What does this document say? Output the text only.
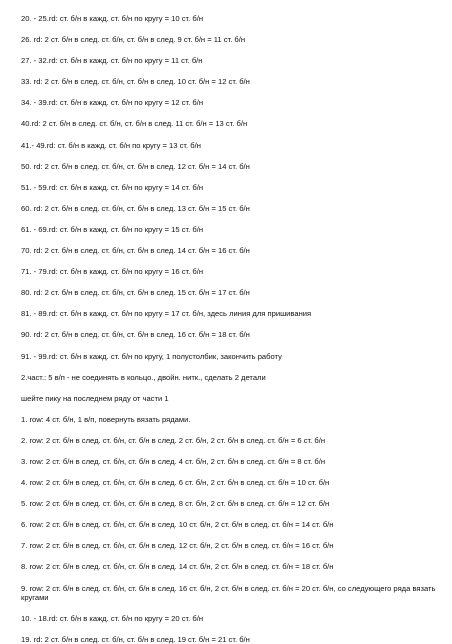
20. - 25.rd: ст. б/н в кажд. ст. б/н по кругу = 10 ст. б/н
26. rd: 2 ст. б/н в след. ст. б/н, ст. б/н в след. 9 ст. б/н = 11 ст. б/н
27. - 32.rd: ст. б/н в кажд. ст. б/н по кругу = 11 ст. б/н
33. rd: 2 ст. б/н в след. ст. б/н, ст. б/н в след. 10 ст. б/н = 12 ст. б/н
34. - 39.rd: ст. б/н в кажд. ст. б/н по кругу = 12 ст. б/н
40.rd: 2 ст. б/н в след. ст. б/н, ст. б/н в след. 11 ст. б/н = 13 ст. б/н
41.- 49.rd: ст. б/н в кажд. ст. б/н по кругу = 13 ст. б/н
50. rd: 2 ст. б/н в след. ст. б/н, ст. б/н в след. 12 ст. б/н = 14 ст. б/н
51. - 59.rd: ст. б/н в кажд. ст. б/н по кругу = 14 ст. б/н
60. rd: 2 ст. б/н в след. ст. б/н, ст. б/н в след. 13 ст. б/н = 15 ст. б/н
61. - 69.rd: ст. б/н в кажд. ст. б/н по кругу = 15 ст. б/н
70. rd: 2 ст. б/н в след. ст. б/н, ст. б/н в след. 14 ст. б/н = 16 ст. б/н
71. - 79.rd: ст. б/н в кажд. ст. б/н по кругу = 16 ст. б/н
80. rd: 2 ст. б/н в след. ст. б/н, ст. б/н в след. 15 ст. б/н = 17 ст. б/н
81. - 89.rd: ст. б/н в кажд. ст. б/н по кругу = 17 ст. б/н, здесь линия для пришивания
90. rd: 2 ст. б/н в след. ст. б/н, ст. б/н в след. 16 ст. б/н = 18 ст. б/н
91. - 99.rd: ст. б/н в кажд. ст. б/н по кругу, 1 полустолбик, закончить работу
2.част.: 5 в/п - не соединять в кольцо., двойн. нитк., сделать 2 детали
шейте пику на последнем ряду от части 1
1. row: 4 ст. б/н, 1 в/п, повернуть вязать рядами.
2. row: 2 ст. б/н в след. ст. б/н, ст. б/н в след. 2 ст. б/н, 2 ст. б/н в след. ст. б/н = 6 ст. б/н
3. row: 2 ст. б/н в след. ст. б/н, ст. б/н в след. 4 ст. б/н, 2 ст. б/н в след. ст. б/н = 8 ст. б/н
4. row: 2 ст. б/н в след. ст. б/н, ст. б/н в след. 6 ст. б/н, 2 ст. б/н в след. ст. б/н = 10 ст. б/н
5. row: 2 ст. б/н в след. ст. б/н, ст. б/н в след. 8 ст. б/н, 2 ст. б/н в след. ст. б/н = 12 ст. б/н
6. row: 2 ст. б/н в след. ст. б/н, ст. б/н в след. 10 ст. б/н, 2 ст. б/н в след. ст. б/н = 14 ст. б/н
7. row: 2 ст. б/н в след. ст. б/н, ст. б/н в след. 12 ст. б/н, 2 ст. б/н в след. ст. б/н = 16 ст. б/н
8. row: 2 ст. б/н в след. ст. б/н, ст. б/н в след. 14 ст. б/н, 2 ст. б/н в след. ст. б/н = 18 ст. б/н
9. row: 2 ст. б/н в след. ст. б/н, ст. б/н в след. 16 ст. б/н, 2 ст. б/н в след. ст. б/н = 20 ст. б/н, со следующего ряда вязать кругами
10. - 18.rd: ст. б/н в кажд. ст. б/н по кругу = 20 ст. б/н
19. rd: 2 ст. б/н в след. ст. б/н, ст. б/н в след. 19 ст. б/н = 21 ст. б/н
